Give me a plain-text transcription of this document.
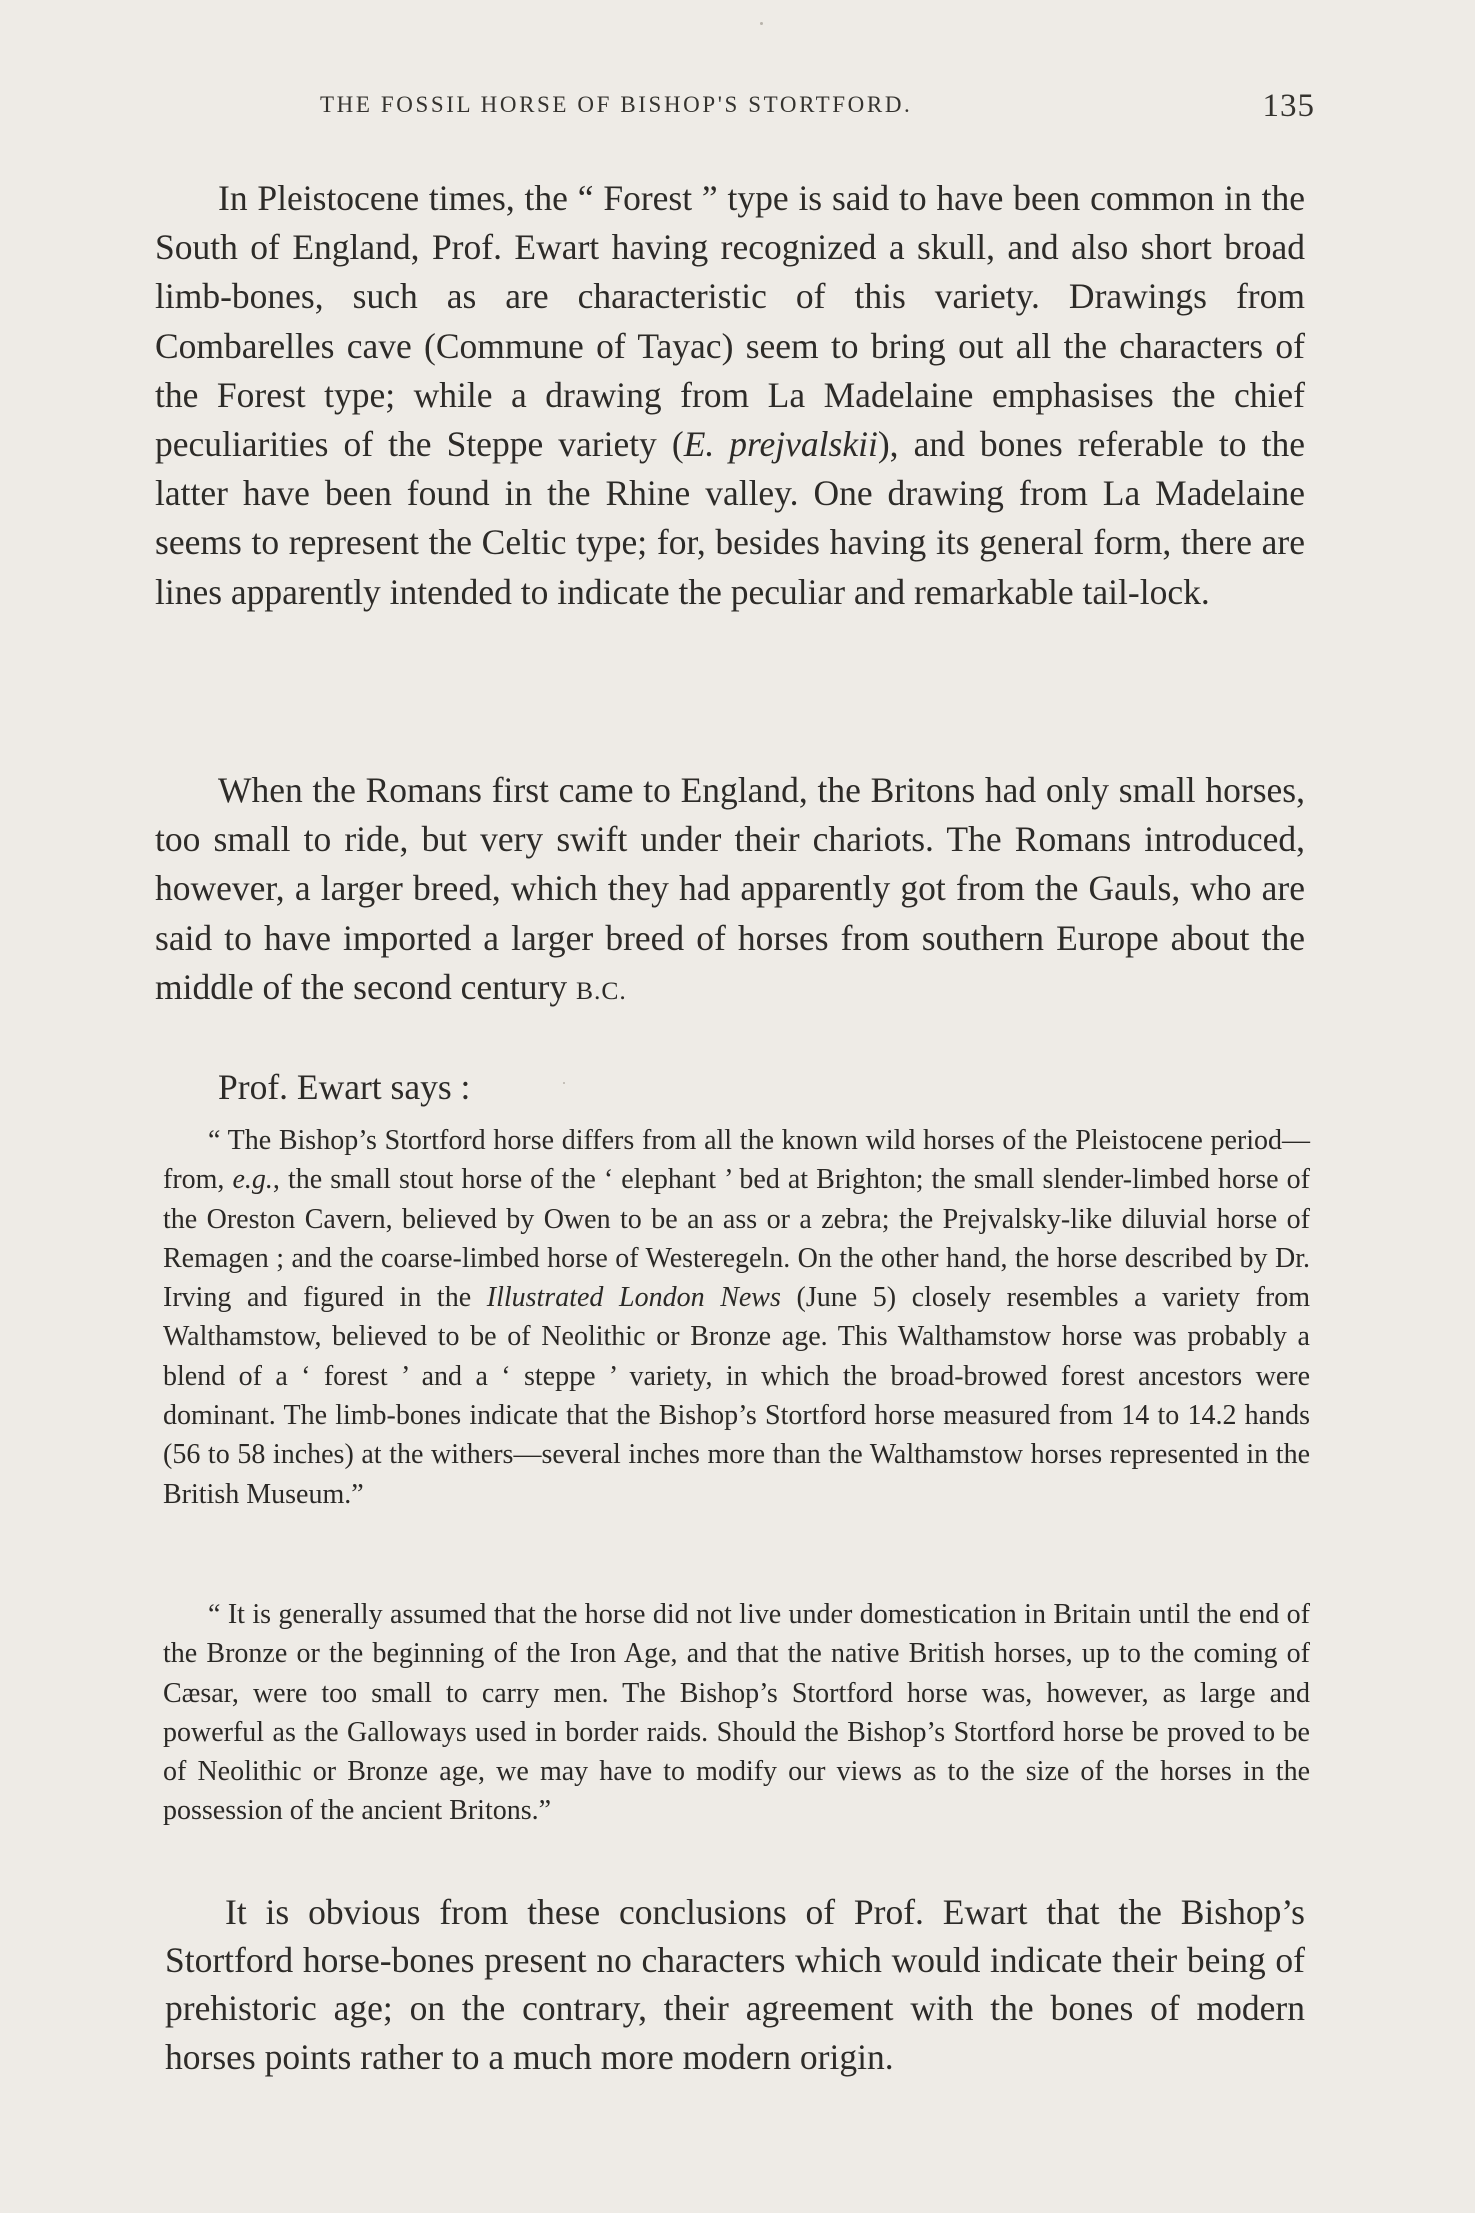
THE FOSSIL HORSE OF BISHOP'S STORTFORD.	135

In Pleistocene times, the “ Forest ” type is said to have been common in the South of England, Prof. Ewart having recognized a skull, and also short broad limb-bones, such as are characteristic of this variety. Drawings from Combarelles cave (Commune of Tayac) seem to bring out all the characters of the Forest type; while a drawing from La Madelaine emphasises the chief peculiarities of the Steppe variety (E. prejvalskii), and bones referable to the latter have been found in the Rhine valley. One drawing from La Madelaine seems to represent the Celtic type; for, besides having its general form, there are lines apparently intended to indicate the peculiar and remarkable tail-lock.

When the Romans first came to England, the Britons had only small horses, too small to ride, but very swift under their chariots. The Romans introduced, however, a larger breed, which they had apparently got from the Gauls, who are said to have imported a larger breed of horses from southern Europe about the middle of the second century B.C.

Prof. Ewart says :

“ The Bishop’s Stortford horse differs from all the known wild horses of the Pleistocene period—from, e.g., the small stout horse of the ‘ elephant ’ bed at Brighton; the small slender-limbed horse of the Oreston Cavern, believed by Owen to be an ass or a zebra; the Prejvalsky-like diluvial horse of Remagen ; and the coarse-limbed horse of Westeregeln. On the other hand, the horse described by Dr. Irving and figured in the Illustrated London News (June 5) closely resembles a variety from Walthamstow, believed to be of Neolithic or Bronze age. This Walthamstow horse was probably a blend of a ‘ forest ’ and a ‘ steppe ’ variety, in which the broad-browed forest ancestors were dominant. The limb-bones indicate that the Bishop’s Stortford horse measured from 14 to 14.2 hands (56 to 58 inches) at the withers—several inches more than the Walthamstow horses represented in the British Museum.”

“ It is generally assumed that the horse did not live under domestication in Britain until the end of the Bronze or the beginning of the Iron Age, and that the native British horses, up to the coming of Cæsar, were too small to carry men. The Bishop’s Stortford horse was, however, as large and powerful as the Galloways used in border raids. Should the Bishop’s Stortford horse be proved to be of Neolithic or Bronze age, we may have to modify our views as to the size of the horses in the possession of the ancient Britons.”

It is obvious from these conclusions of Prof. Ewart that the Bishop’s Stortford horse-bones present no characters which would indicate their being of prehistoric age; on the contrary, their agreement with the bones of modern horses points rather to a much more modern origin.
